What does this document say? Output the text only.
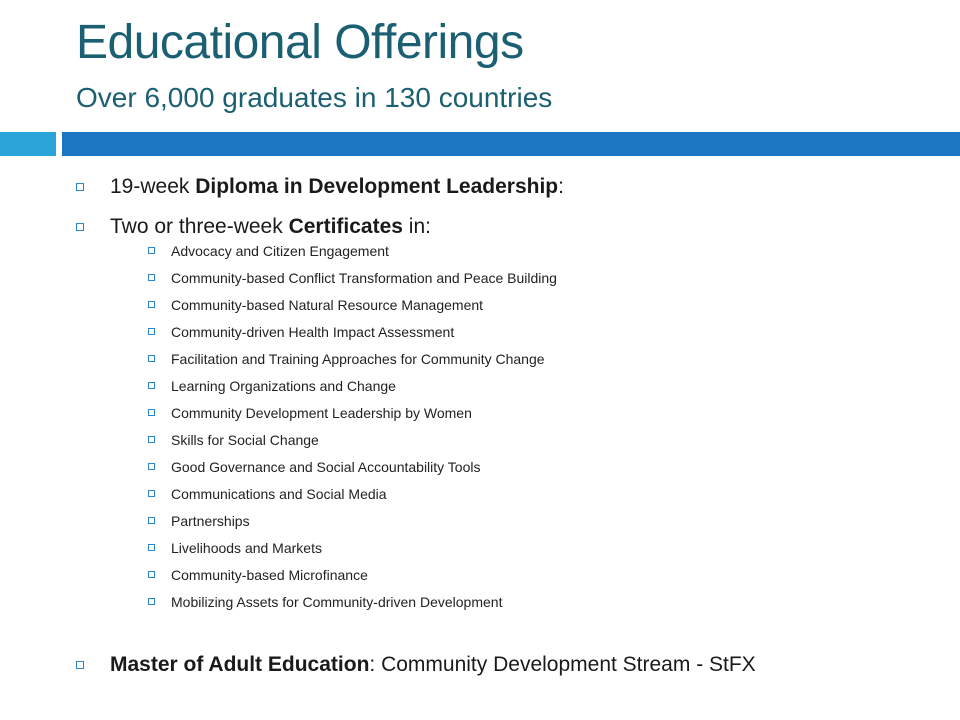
Educational Offerings
Over 6,000 graduates in 130 countries
19-week Diploma in Development Leadership:
Two or three-week Certificates in:
Advocacy and Citizen Engagement
Community-based Conflict Transformation and Peace Building
Community-based Natural Resource Management
Community-driven Health Impact Assessment
Facilitation and Training Approaches for Community Change
Learning Organizations and Change
Community Development Leadership by Women
Skills for Social Change
Good Governance and Social Accountability Tools
Communications and Social Media
Partnerships
Livelihoods and Markets
Community-based Microfinance
Mobilizing Assets for Community-driven Development
Master of Adult Education: Community Development Stream - StFX
